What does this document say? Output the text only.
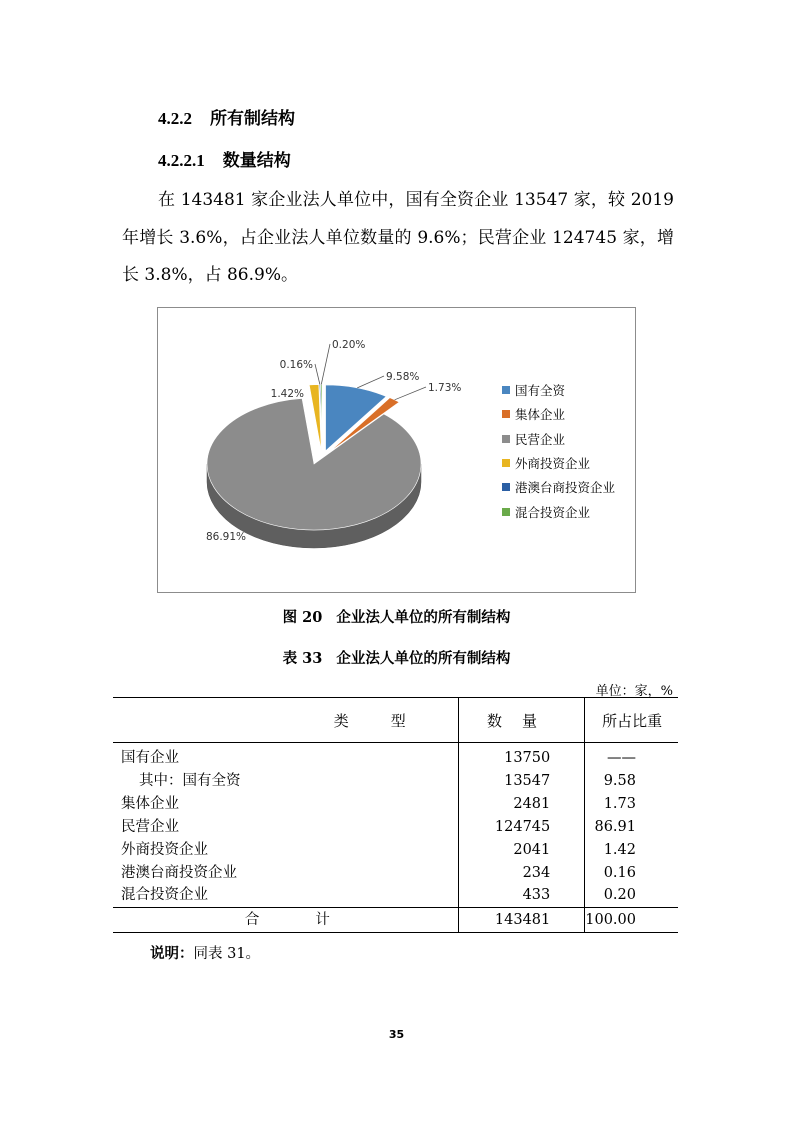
4.2.2 所有制结构
4.2.2.1 数量结构

在 143481 家企业法人单位中，国有全资企业 13547 家，较 2019 年增长 3.6%，占企业法人单位数量的 9.6%；民营企业 124745 家，增长 3.8%，占 86.9%。

9.58%
1.73%
86.91%
1.42%
0.16%
0.20%
国有全资
集体企业
民营企业
外商投资企业
港澳台商投资企业
混合投资企业
图 20 企业法人单位的所有制结构
表 33 企业法人单位的所有制结构
单位：家，%
类型	数量	所占比重
国有企业	13750	——
其中：国有全资	13547	9.58
集体企业	2481	1.73
民营企业	124745	86.91
外商投资企业	2041	1.42
港澳台商投资企业	234	0.16
混合投资企业	433	0.20
合计	143481	100.00
说明：同表 31。
35
